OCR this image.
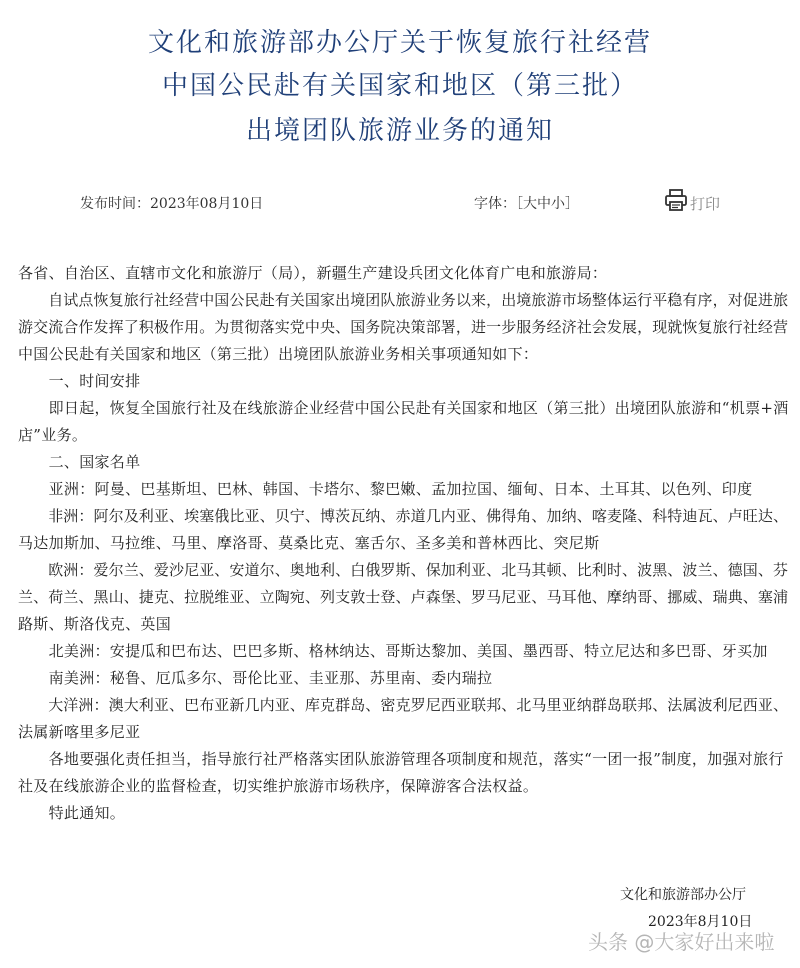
文化和旅游部办公厅关于恢复旅行社经营
中国公民赴有关国家和地区（第三批）
出境团队旅游业务的通知
发布时间：2023年08月10日	字体：［大中小］	打印
各省、自治区、直辖市文化和旅游厅（局），新疆生产建设兵团文化体育广电和旅游局：
　　自试点恢复旅行社经营中国公民赴有关国家出境团队旅游业务以来，出境旅游市场整体运行平稳有序，对促进旅
游交流合作发挥了积极作用。为贯彻落实党中央、国务院决策部署，进一步服务经济社会发展，现就恢复旅行社经营
中国公民赴有关国家和地区（第三批）出境团队旅游业务相关事项通知如下：
　　一、时间安排
　　即日起，恢复全国旅行社及在线旅游企业经营中国公民赴有关国家和地区（第三批）出境团队旅游和“机票+酒
店”业务。
　　二、国家名单
　　亚洲：阿曼、巴基斯坦、巴林、韩国、卡塔尔、黎巴嫩、孟加拉国、缅甸、日本、土耳其、以色列、印度
　　非洲：阿尔及利亚、埃塞俄比亚、贝宁、博茨瓦纳、赤道几内亚、佛得角、加纳、喀麦隆、科特迪瓦、卢旺达、
马达加斯加、马拉维、马里、摩洛哥、莫桑比克、塞舌尔、圣多美和普林西比、突尼斯
　　欧洲：爱尔兰、爱沙尼亚、安道尔、奥地利、白俄罗斯、保加利亚、北马其顿、比利时、波黑、波兰、德国、芬
兰、荷兰、黑山、捷克、拉脱维亚、立陶宛、列支敦士登、卢森堡、罗马尼亚、马耳他、摩纳哥、挪威、瑞典、塞浦
路斯、斯洛伐克、英国
　　北美洲：安提瓜和巴布达、巴巴多斯、格林纳达、哥斯达黎加、美国、墨西哥、特立尼达和多巴哥、牙买加
　　南美洲：秘鲁、厄瓜多尔、哥伦比亚、圭亚那、苏里南、委内瑞拉
　　大洋洲：澳大利亚、巴布亚新几内亚、库克群岛、密克罗尼西亚联邦、北马里亚纳群岛联邦、法属波利尼西亚、
法属新喀里多尼亚
　　各地要强化责任担当，指导旅行社严格落实团队旅游管理各项制度和规范，落实“一团一报”制度，加强对旅行
社及在线旅游企业的监督检查，切实维护旅游市场秩序，保障游客合法权益。
　　特此通知。
文化和旅游部办公厅
2023年8月10日
头条 @大家好出来啦
